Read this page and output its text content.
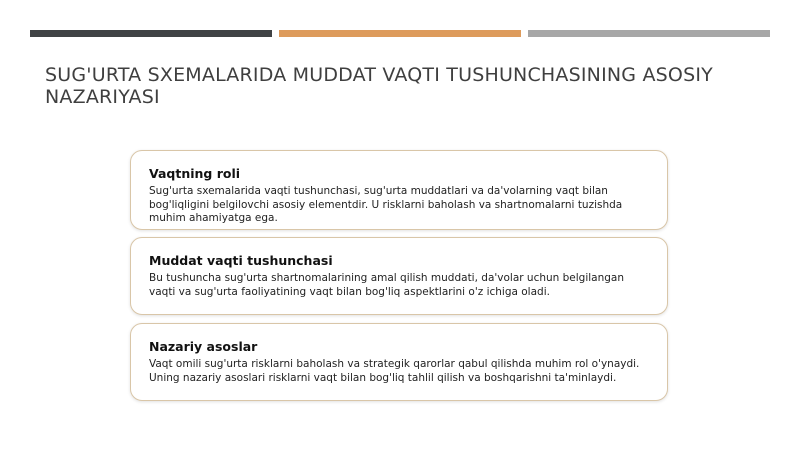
SUG'URTA SXEMALARIDA MUDDAT VAQTI TUSHUNCHASINING ASOSIY NAZARIYASI
Vaqtning roli

Sug'urta sxemalarida vaqti tushunchasi, sug'urta muddatlari va da'volarning vaqt bilan bog'liqligini belgilovchi asosiy elementdir. U risklarni baholash va shartnomalarni tuzishda muhim ahamiyatga ega.

Muddat vaqti tushunchasi

Bu tushuncha sug'urta shartnomalarining amal qilish muddati, da'volar uchun belgilangan vaqti va sug'urta faoliyatining vaqt bilan bog'liq aspektlarini o'z ichiga oladi.

Nazariy asoslar

Vaqt omili sug'urta risklarni baholash va strategik qarorlar qabul qilishda muhim rol o'ynaydi. Uning nazariy asoslari risklarni vaqt bilan bog'liq tahlil qilish va boshqarishni ta'minlaydi.
